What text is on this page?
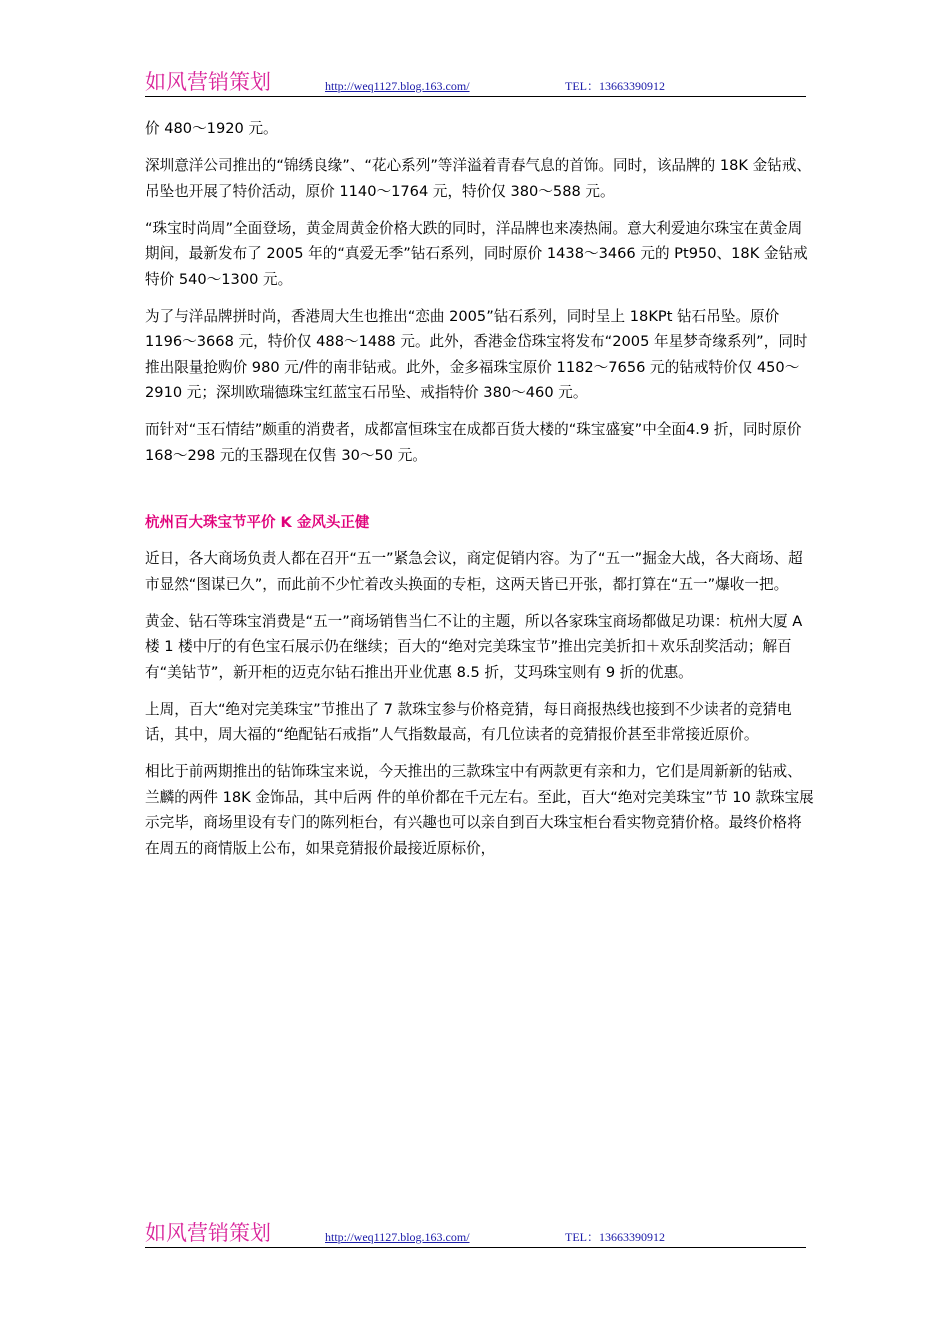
如风营销策划	http://weq1127.blog.163.com/	TEL：13663390912

价 480～1920 元。

深圳意洋公司推出的“锦绣良缘”、“花心系列”等洋溢着青春气息的首饰。同时，该品牌的 18K 金钻戒、吊坠也开展了特价活动，原价 1140～1764 元，特价仅 380～588 元。

“珠宝时尚周”全面登场，黄金周黄金价格大跌的同时，洋品牌也来凑热闹。意大利爱迪尔珠宝在黄金周期间，最新发布了 2005 年的“真爱无季”钻石系列，同时原价 1438～3466 元的 Pt950、18K 金钻戒特价 540～1300 元。

为了与洋品牌拼时尚，香港周大生也推出“恋曲 2005”钻石系列，同时呈上 18KPt 钻石吊坠。原价 1196～3668 元，特价仅 488～1488 元。此外，香港金岱珠宝将发布“2005 年星梦奇缘系列”，同时推出限量抢购价 980 元/件的南非钻戒。此外，金多福珠宝原价 1182～7656 元的钻戒特价仅 450～2910 元；深圳欧瑞德珠宝红蓝宝石吊坠、戒指特价 380～460 元。

而针对“玉石情结”颇重的消费者，成都富恒珠宝在成都百货大楼的“珠宝盛宴”中全面4.9 折，同时原价 168～298 元的玉器现在仅售 30～50 元。

杭州百大珠宝节平价 K 金风头正健

近日，各大商场负责人都在召开“五一”紧急会议，商定促销内容。为了“五一”掘金大战，各大商场、超市显然“图谋已久”，而此前不少忙着改头换面的专柜，这两天皆已开张，都打算在“五一”爆收一把。

黄金、钻石等珠宝消费是“五一”商场销售当仁不让的主题，所以各家珠宝商场都做足功课：杭州大厦 A 楼 1 楼中厅的有色宝石展示仍在继续；百大的“绝对完美珠宝节”推出完美折扣＋欢乐刮奖活动；解百有“美钻节”，新开柜的迈克尔钻石推出开业优惠 8.5 折，艾玛珠宝则有 9 折的优惠。

上周，百大“绝对完美珠宝”节推出了 7 款珠宝参与价格竞猜，每日商报热线也接到不少读者的竞猜电话，其中，周大福的“绝配钻石戒指”人气指数最高，有几位读者的竞猜报价甚至非常接近原价。

相比于前两期推出的钻饰珠宝来说，今天推出的三款珠宝中有两款更有亲和力，它们是周新新的钻戒、兰麟的两件 18K 金饰品，其中后两 件的单价都在千元左右。至此，百大“绝对完美珠宝”节 10 款珠宝展示完毕，商场里设有专门的陈列柜台，有兴趣也可以亲自到百大珠宝柜台看实物竞猜价格。最终价格将在周五的商情版上公布，如果竞猜报价最接近原标价，

如风营销策划	http://weq1127.blog.163.com/	TEL：13663390912
